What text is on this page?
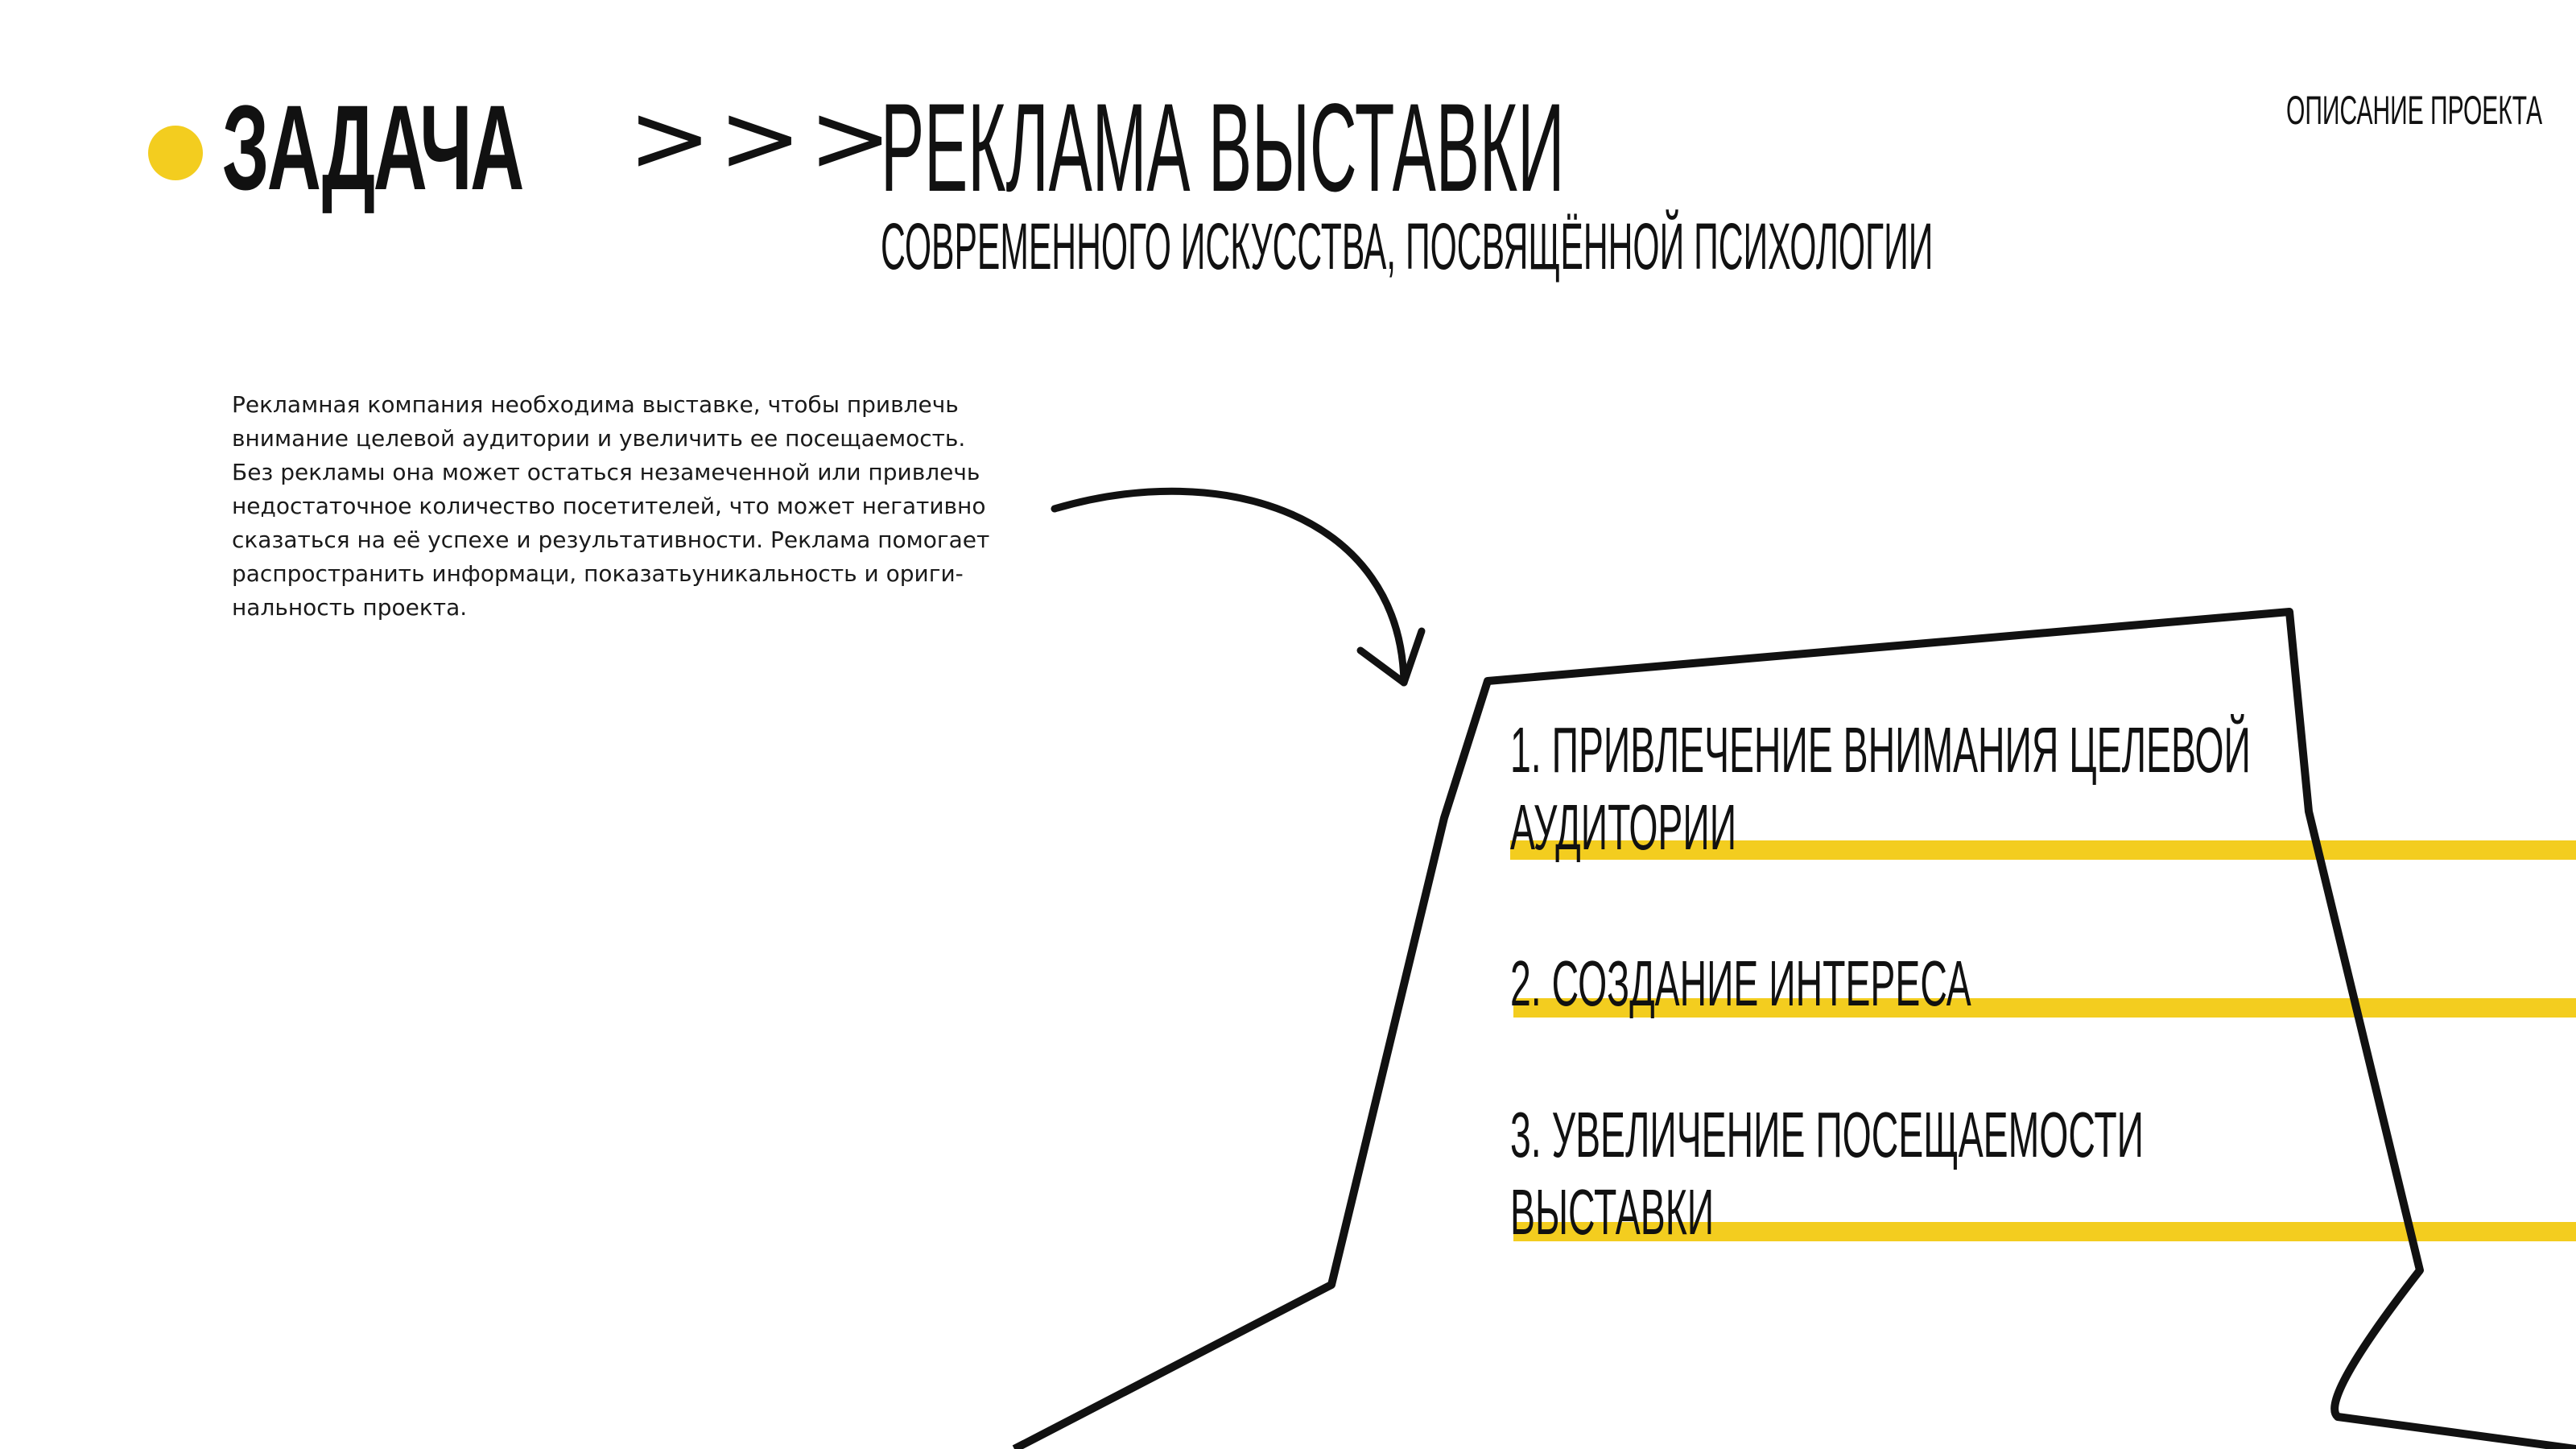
ЗАДАЧА >>>
РЕКЛАМА ВЫСТАВКИ
СОВРЕМЕННОГО ИСКУССТВА, ПОСВЯЩЁННОЙ ПСИХОЛОГИИ
ОПИСАНИЕ ПРОЕКТА
Рекламная компания необходима выставке, чтобы привлечь
внимание целевой аудитории и увеличить ее посещаемость.
Без рекламы она может остаться незамеченной или привлечь
недостаточное количество посетителей, что может негативно
сказаться на её успехе и результативности. Реклама помогает
распространить информаци, показатьуникальность и ориги-
нальность проекта.
1. ПРИВЛЕЧЕНИЕ ВНИМАНИЯ ЦЕЛЕВОЙ
АУДИТОРИИ
2. СОЗДАНИЕ ИНТЕРЕСА
3. УВЕЛИЧЕНИЕ ПОСЕЩАЕМОСТИ
ВЫСТАВКИ
